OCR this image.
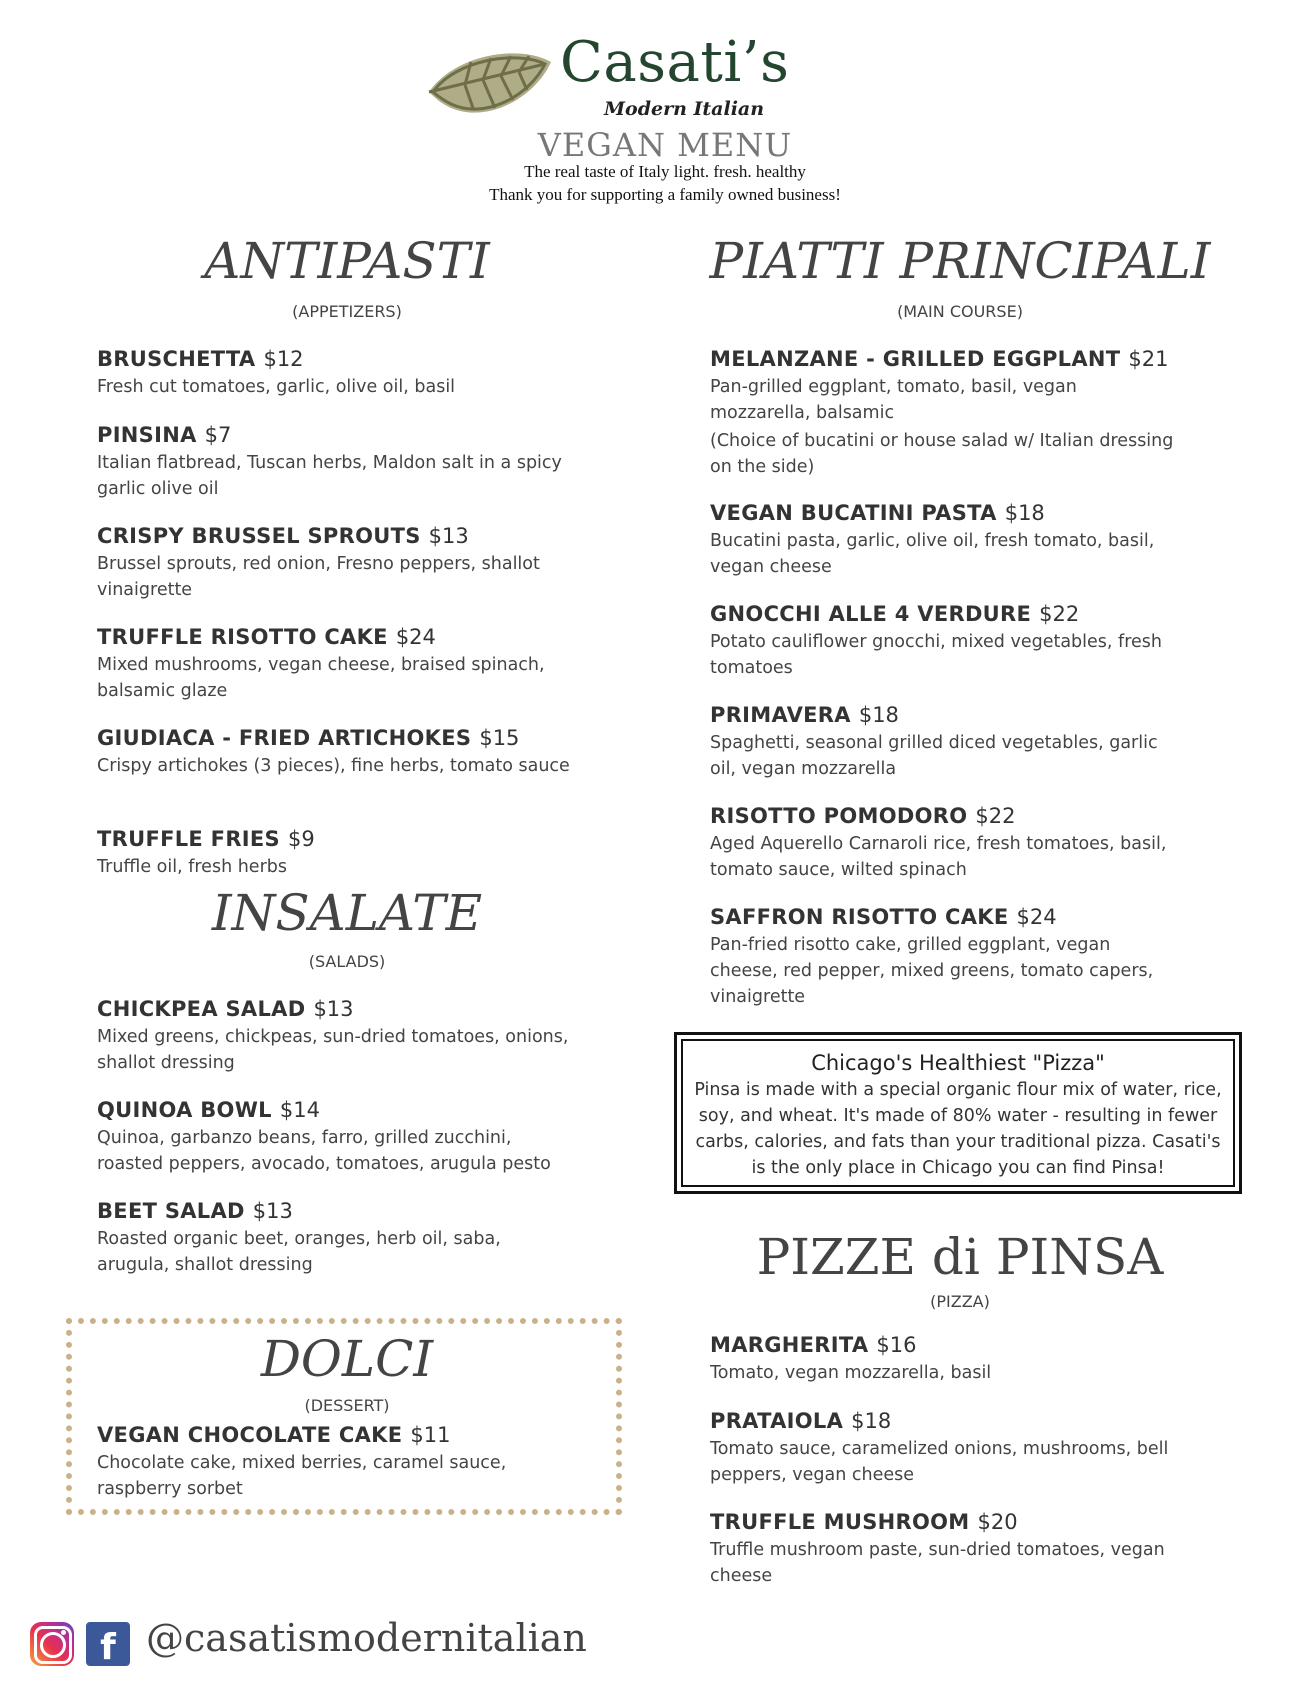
Casati’s
Modern Italian
VEGAN MENU
The real taste of Italy light. fresh. healthy
Thank you for supporting a family owned business!
ANTIPASTI
(APPETIZERS)
BRUSCHETTA $12
Fresh cut tomatoes, garlic, olive oil, basil
PINSINA $7
Italian flatbread, Tuscan herbs, Maldon salt in a spicy garlic olive oil
CRISPY BRUSSEL SPROUTS $13
Brussel sprouts, red onion, Fresno peppers, shallot vinaigrette
TRUFFLE RISOTTO CAKE $24
Mixed mushrooms, vegan cheese, braised spinach, balsamic glaze
GIUDIACA - FRIED ARTICHOKES $15
Crispy artichokes (3 pieces), fine herbs, tomato sauce
TRUFFLE FRIES $9
Truffle oil, fresh herbs
INSALATE
(SALADS)
CHICKPEA SALAD $13
Mixed greens, chickpeas, sun-dried tomatoes, onions, shallot dressing
QUINOA BOWL $14
Quinoa, garbanzo beans, farro, grilled zucchini, roasted peppers, avocado, tomatoes, arugula pesto
BEET SALAD $13
Roasted organic beet, oranges, herb oil, saba, arugula, shallot dressing
DOLCI
(DESSERT)
VEGAN CHOCOLATE CAKE $11
Chocolate cake, mixed berries, caramel sauce, raspberry sorbet
PIATTI PRINCIPALI
(MAIN COURSE)
MELANZANE - GRILLED EGGPLANT $21
Pan-grilled eggplant, tomato, basil, vegan mozzarella, balsamic
(Choice of bucatini or house salad w/ Italian dressing on the side)
VEGAN BUCATINI PASTA $18
Bucatini pasta, garlic, olive oil, fresh tomato, basil, vegan cheese
GNOCCHI ALLE 4 VERDURE $22
Potato cauliflower gnocchi, mixed vegetables, fresh tomatoes
PRIMAVERA $18
Spaghetti, seasonal grilled diced vegetables, garlic oil, vegan mozzarella
RISOTTO POMODORO $22
Aged Aquerello Carnaroli rice, fresh tomatoes, basil, tomato sauce, wilted spinach
SAFFRON RISOTTO CAKE $24
Pan-fried risotto cake, grilled eggplant, vegan cheese, red pepper, mixed greens, tomato capers, vinaigrette
Chicago's Healthiest "Pizza"
Pinsa is made with a special organic flour mix of water, rice, soy, and wheat. It's made of 80% water - resulting in fewer carbs, calories, and fats than your traditional pizza. Casati's is the only place in Chicago you can find Pinsa!
PIZZE di PINSA
(PIZZA)
MARGHERITA $16
Tomato, vegan mozzarella, basil
PRATAIOLA $18
Tomato sauce, caramelized onions, mushrooms, bell peppers, vegan cheese
TRUFFLE MUSHROOM $20
Truffle mushroom paste, sun-dried tomatoes, vegan cheese
f @casatismodernitalian
